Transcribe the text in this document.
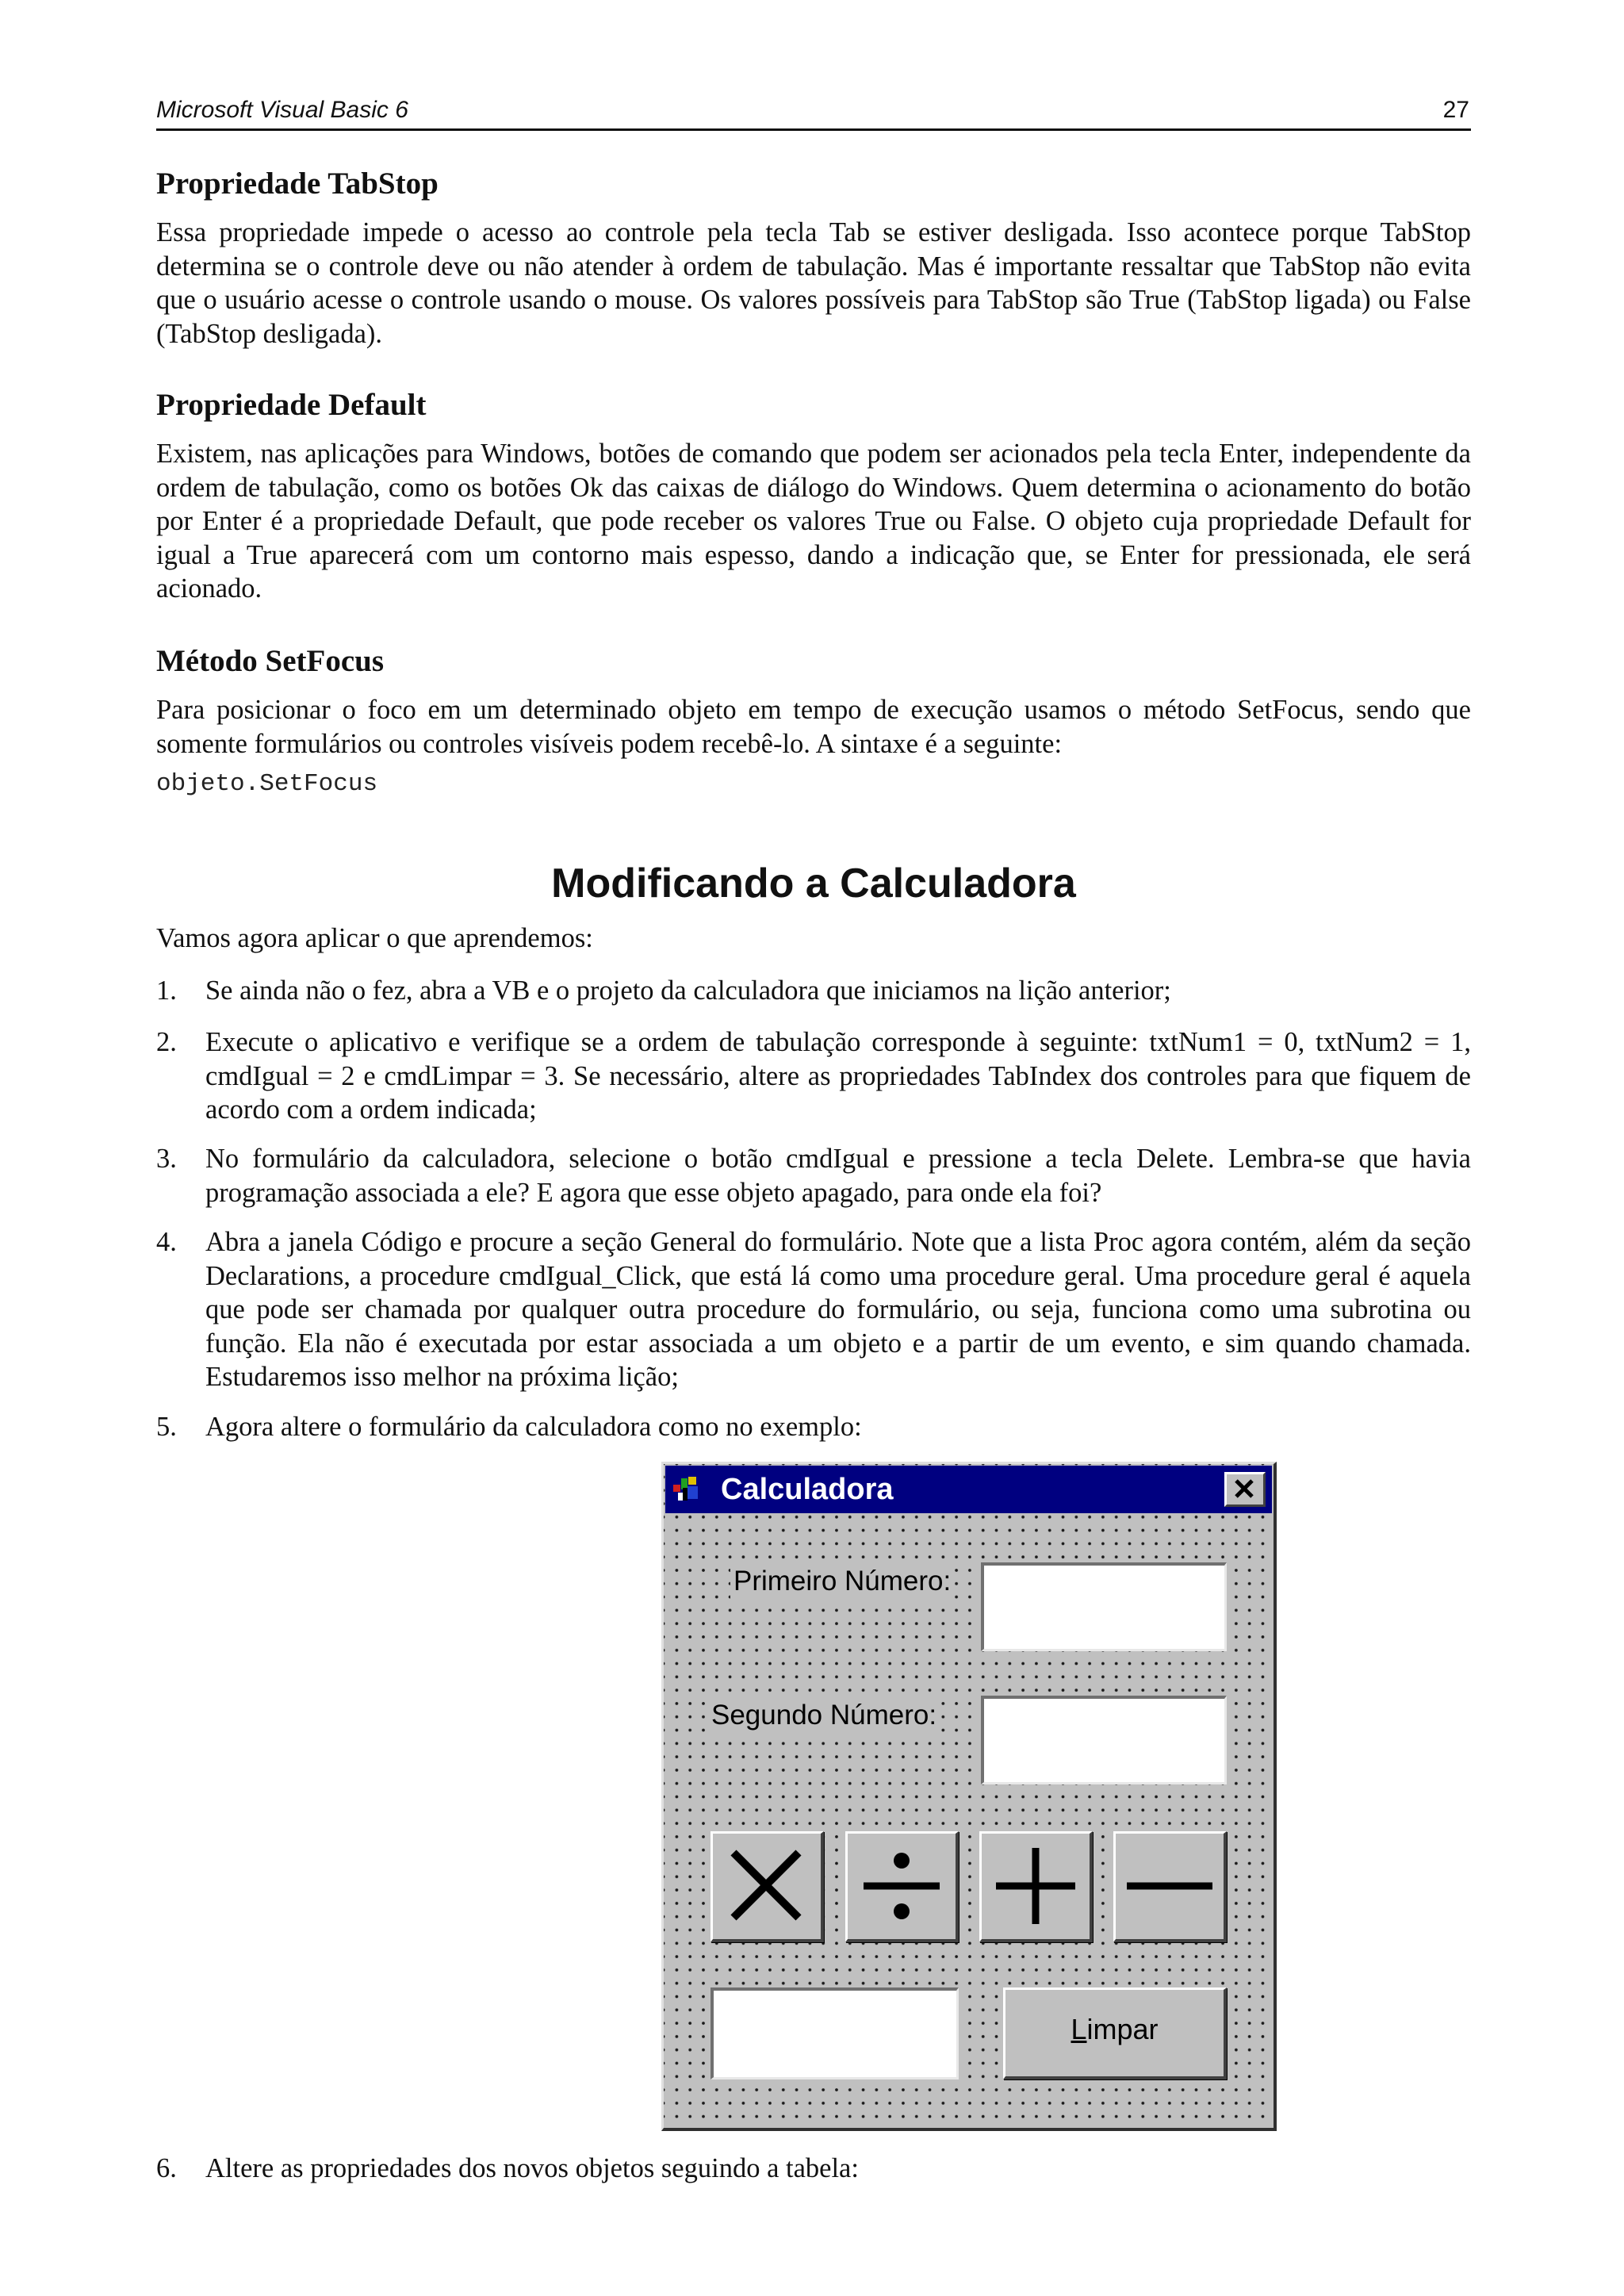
Microsoft Visual Basic 6	27
Propriedade TabStop

Essa propriedade impede o acesso ao controle pela tecla Tab se estiver desligada. Isso acontece porque TabStop determina se o controle deve ou não atender à ordem de tabulação. Mas é importante ressaltar que TabStop não evita que o usuário acesse o controle usando o mouse. Os valores possíveis para TabStop são True (TabStop ligada) ou False (TabStop desligada).

Propriedade Default

Existem, nas aplicações para Windows, botões de comando que podem ser acionados pela tecla Enter, independente da ordem de tabulação, como os botões Ok das caixas de diálogo do Windows. Quem determina o acionamento do botão por Enter é a propriedade Default, que pode receber os valores True ou False. O objeto cuja propriedade Default for igual a True aparecerá com um contorno mais espesso, dando a indicação que, se Enter for pressionada, ele será acionado.

Método SetFocus

Para posicionar o foco em um determinado objeto em tempo de execução usamos o método SetFocus, sendo que somente formulários ou controles visíveis podem recebê-lo. A sintaxe é a seguinte:

objeto.SetFocus
Modificando a Calculadora

Vamos agora aplicar o que aprendemos:

1. Se ainda não o fez, abra a VB e o projeto da calculadora que iniciamos na lição anterior;
2. Execute o aplicativo e verifique se a ordem de tabulação corresponde à seguinte: txtNum1 = 0, txtNum2 = 1, cmdIgual = 2 e cmdLimpar = 3. Se necessário, altere as propriedades TabIndex dos controles para que fiquem de acordo com a ordem indicada;
3. No formulário da calculadora, selecione o botão cmdIgual e pressione a tecla Delete. Lembra-se que havia programação associada a ele? E agora que esse objeto apagado, para onde ela foi?
4. Abra a janela Código e procure a seção General do formulário. Note que a lista Proc agora contém, além da seção Declarations, a procedure cmdIgual_Click, que está lá como uma procedure geral. Uma procedure geral é aquela que pode ser chamada por qualquer outra procedure do formulário, ou seja, funciona como uma subrotina ou função. Ela não é executada por estar associada a um objeto e a partir de um evento, e sim quando chamada. Estudaremos isso melhor na próxima lição;
5. Agora altere o formulário da calculadora como no exemplo:
6. Altere as propriedades dos novos objetos seguindo a tabela:
Calculadora
Primeiro Número:
Segundo Número:
Limpar
